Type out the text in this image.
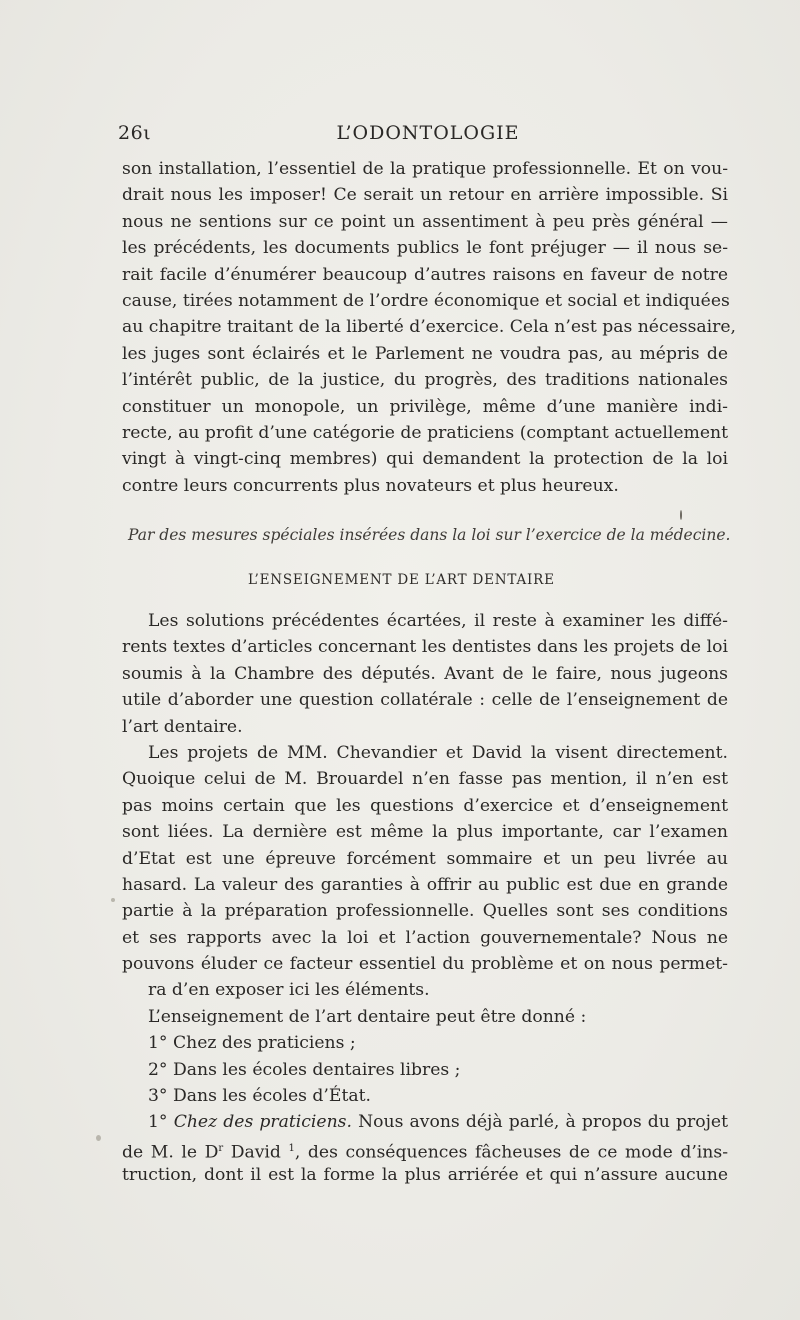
26ι	L’ODONTOLOGIE
son installation, l’essentiel de la pratique professionnelle. Et on vou-
drait nous les imposer! Ce serait un retour en arrière impossible. Si
nous ne sentions sur ce point un assentiment à peu près général —
les précédents, les documents publics le font préjuger — il nous se-
rait facile d’énumérer beaucoup d’autres raisons en faveur de notre
cause, tirées notamment de l’ordre économique et social et indiquées
au chapitre traitant de la liberté d’exercice. Cela n’est pas nécessaire,
les juges sont éclairés et le Parlement ne voudra pas, au mépris de
l’intérêt public, de la justice, du progrès, des traditions nationales
constituer un monopole, un privilège, même d’une manière indi-
recte, au profit d’une catégorie de praticiens (comptant actuellement
vingt à vingt-cinq membres) qui demandent la protection de la loi
contre leurs concurrents plus novateurs et plus heureux.
Par des mesures spéciales insérées dans la loi sur l’exercice de la médecine.
L’ENSEIGNEMENT DE L’ART DENTAIRE
Les solutions précédentes écartées, il reste à examiner les diffé-
rents textes d’articles concernant les dentistes dans les projets de loi
soumis à la Chambre des députés. Avant de le faire, nous jugeons
utile d’aborder une question collatérale : celle de l’enseignement de
l’art dentaire.
Les projets de MM. Chevandier et David la visent directement.
Quoique celui de M. Brouardel n’en fasse pas mention, il n’en est
pas moins certain que les questions d’exercice et d’enseignement
sont liées. La dernière est même la plus importante, car l’examen
d’Etat est une épreuve forcément sommaire et un peu livrée au
hasard. La valeur des garanties à offrir au public est due en grande
partie à la préparation professionnelle. Quelles sont ses conditions
et ses rapports avec la loi et l’action gouvernementale? Nous ne
pouvons éluder ce facteur essentiel du problème et on nous permet-
ra d’en exposer ici les éléments.
L’enseignement de l’art dentaire peut être donné :
1° Chez des praticiens ;
2° Dans les écoles dentaires libres ;
3° Dans les écoles d’État.
1° Chez des praticiens. Nous avons déjà parlé, à propos du projet
de M. le $D^r$ David $^1$, des conséquences fâcheuses de ce mode d’ins-
truction, dont il est la forme la plus arriérée et qui n’assure aucune
